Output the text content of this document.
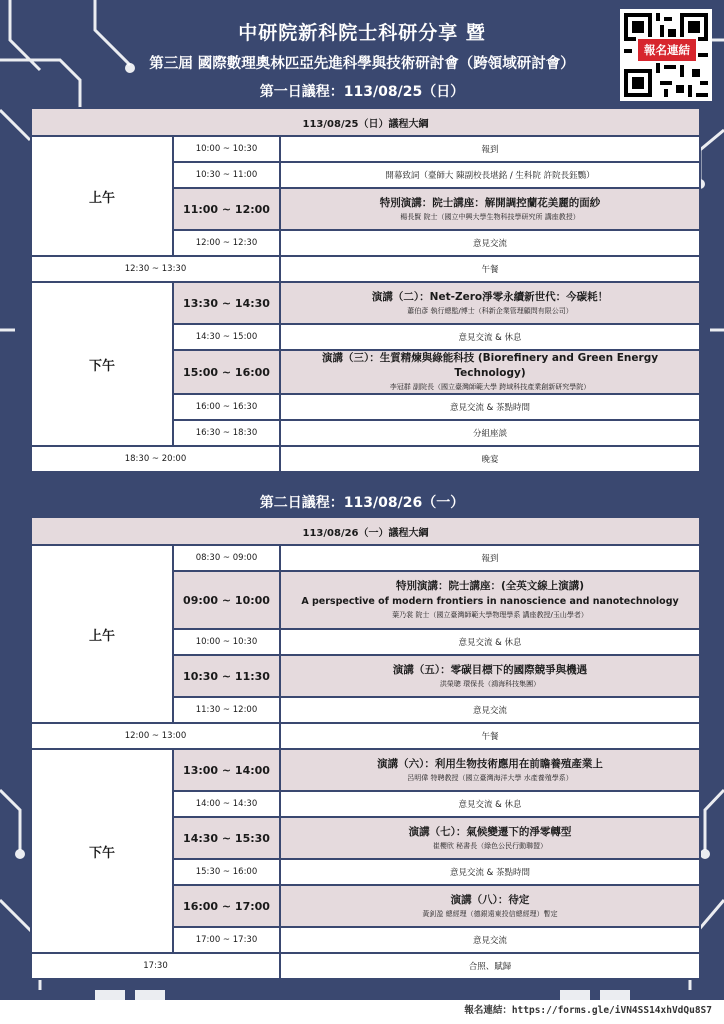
中研院新科院士科研分享 暨
第三屆 國際數理奧林匹亞先進科學與技術研討會（跨領域研討會）
報名連結
第一日議程：113/08/25（日）
113/08/25（日）議程大綱		
上午	10:00 ~ 10:30	報到
	10:30 ~ 11:00	開幕致詞（臺師大 陳副校長堪銘 / 生科院 許院長鈺鸚）
	11:00 ~ 12:00	特別演講：院士講座：解開調控蘭花美麗的面紗
楊長賢 院士（國立中興大學生物科技學研究所 講座教授）

	12:00 ~ 12:30	意見交流
12:30 ~ 13:30		午餐
下午	13:30 ~ 14:30	演講（二）：Net-Zero淨零永續新世代：今碳耗！
蕭伯彥 執行總監/博士（科新企業管理顧問有限公司）

	14:30 ~ 15:00	意見交流 & 休息
	15:00 ~ 16:00	演講（三）：生質精煉與綠能科技 (Biorefinery and Green Energy Technology)
李冠群 副院長（國立臺灣師範大學 跨域科技產業創新研究學院）

	16:00 ~ 16:30	意見交流 & 茶點時間
	16:30 ~ 18:30	分組座談

18:30 ~ 20:00		晚宴
第二日議程：113/08/26（一）
113/08/26（一）議程大綱		
上午	08:30 ~ 09:00	報到
	09:00 ~ 10:00	特別演講：院士講座：(全英文線上演講)
A perspective of modern frontiers in nanoscience and nanotechnology
葉乃裳 院士（國立臺灣師範大學物理學系 講座教授/玉山學者）

	10:00 ~ 10:30	意見交流 & 休息
	10:30 ~ 11:30	演講（五）：零碳目標下的國際競爭與機遇
洪榮聰 環保長（鴻海科技集團）

	11:30 ~ 12:00	意見交流
12:00 ~ 13:00		午餐
下午	13:00 ~ 14:00	演講（六）：利用生物技術應用在前瞻養殖產業上
呂明偉 特聘教授（國立臺灣海洋大學 水產養殖學系）

	14:00 ~ 14:30	意見交流 & 休息
	14:30 ~ 15:30	演講（七）：氣候變遷下的淨零轉型
崔櫻欣 秘書長（綠色公民行動聯盟）

	15:30 ~ 16:00	意見交流 & 茶點時間
	16:00 ~ 17:00	演講（八）：待定
黃釗盈 總經理（德銀遠東投信總經理）暫定

	17:00 ~ 17:30	意見交流
17:30		合照、賦歸
報名連結：https://forms.gle/iVN4SS14xhVdQu8S7
